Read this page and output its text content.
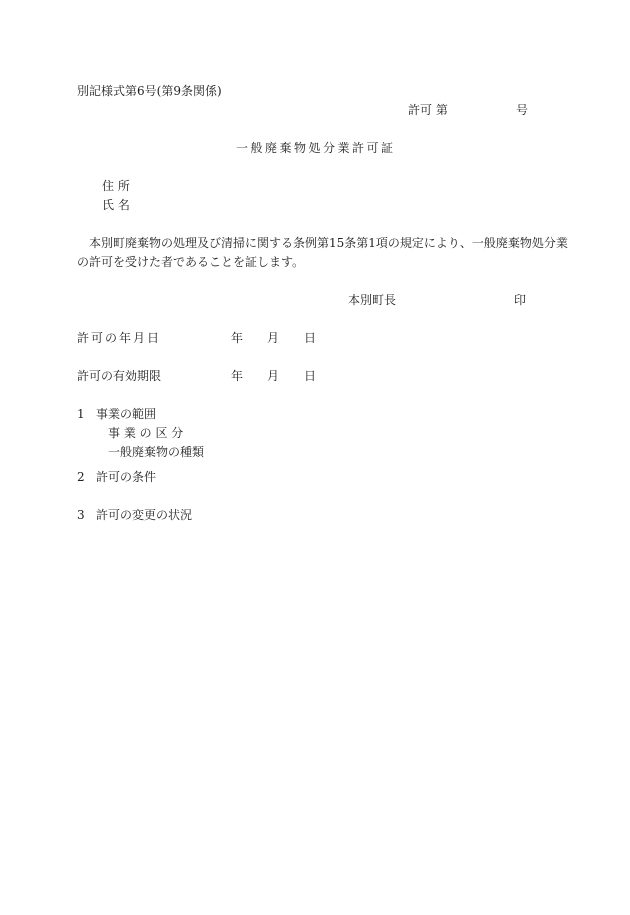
別記様式第6号(第9条関係)
許可 第	号
一般廃棄物処分業許可証
住 所
氏 名
本別町廃棄物の処理及び清掃に関する条例第15条第1項の規定により、一般廃棄物処分業
の許可を受けた者であることを証します。
本別町長	印
許可の年月日	年 月 日
許可の有効期限	年 月 日
1 事業の範囲
事 業 の 区 分
一般廃棄物の種類
2 許可の条件
3 許可の変更の状況
